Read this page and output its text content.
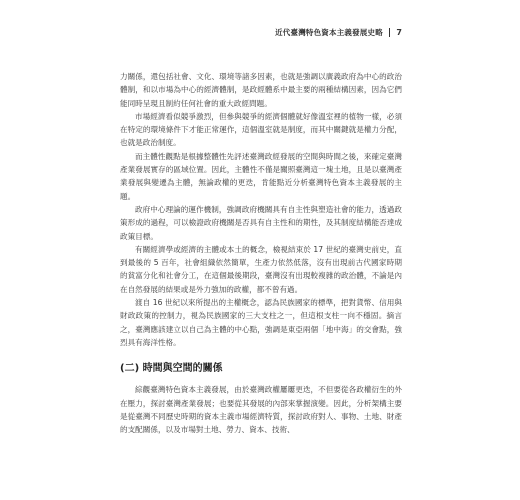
近代臺灣特色資本主義發展史略 7

力關係，還包括社會、文化、環境等諸多因素，也就是強調以廣義政府為中心的政治體制，和以市場為中心的經濟體制，是政經體系中最主要的兩種結構因素，因為它們能同時呈現且制約任何社會的重大政經問題。

市場經濟看似競爭激烈，但參與競爭的經濟個體就好像溫室裡的植物一樣，必須在特定的環境條件下才能正常運作，這個溫室就是制度，而其中關鍵就是權力分配，也就是政治制度。

而主體性觀點是根據整體性先評述臺灣政經發展的空間與時間之後，來確定臺灣產業發展實存的區域位置。因此，主體性不僅是關照臺灣這一塊土地，且是以臺灣產業發展與變遷為主體，無論政權的更迭，肯能點近分析臺灣特色資本主義發展的主題。

政府中心理論的運作機制，強調政府機關具有自主性與塑造社會的能力，透過政策形成的過程，可以檢證政府機關是否具有自主性和的期性，及其制度結構能否達成政策目標。

有關經濟學或經濟的主體或本土的概念，檢視結束於 17 世紀的臺灣史前史，直到最後的 5 百年，社會組織依然簡單，生產力依然低落，沒有出現前古代國家時期的貧富分化和社會分工，在這個最後期段，臺灣沒有出現較複雜的政治體，不論是內在自然發展的結果或是外力強加的政權，都不曾有過。

渡自 16 世紀以來所提出的主權概念，認為民族國家的標準，把對貨幣、信用與財政政策的控制力，視為民族國家的三大支柱之一，但這根支柱一向不穩固。摘言之，臺灣應該建立以自己為主體的中心點，強調是東亞兩個「地中海」的交會點，強烈具有海洋性格。

(二) 時間與空間的關係

綜觀臺灣特色資本主義發展，由於臺灣政權屢屢更迭，不但要從各政權衍生的外在壓力，探討臺灣產業發展；也要從其發展的內部來掌握演變。因此，分析架構主要是從臺灣不同歷史時期的資本主義市場經濟特質，探討政府對人、事物、土地、財產的支配關係，以及市場對土地、勞力、資本、技術、
